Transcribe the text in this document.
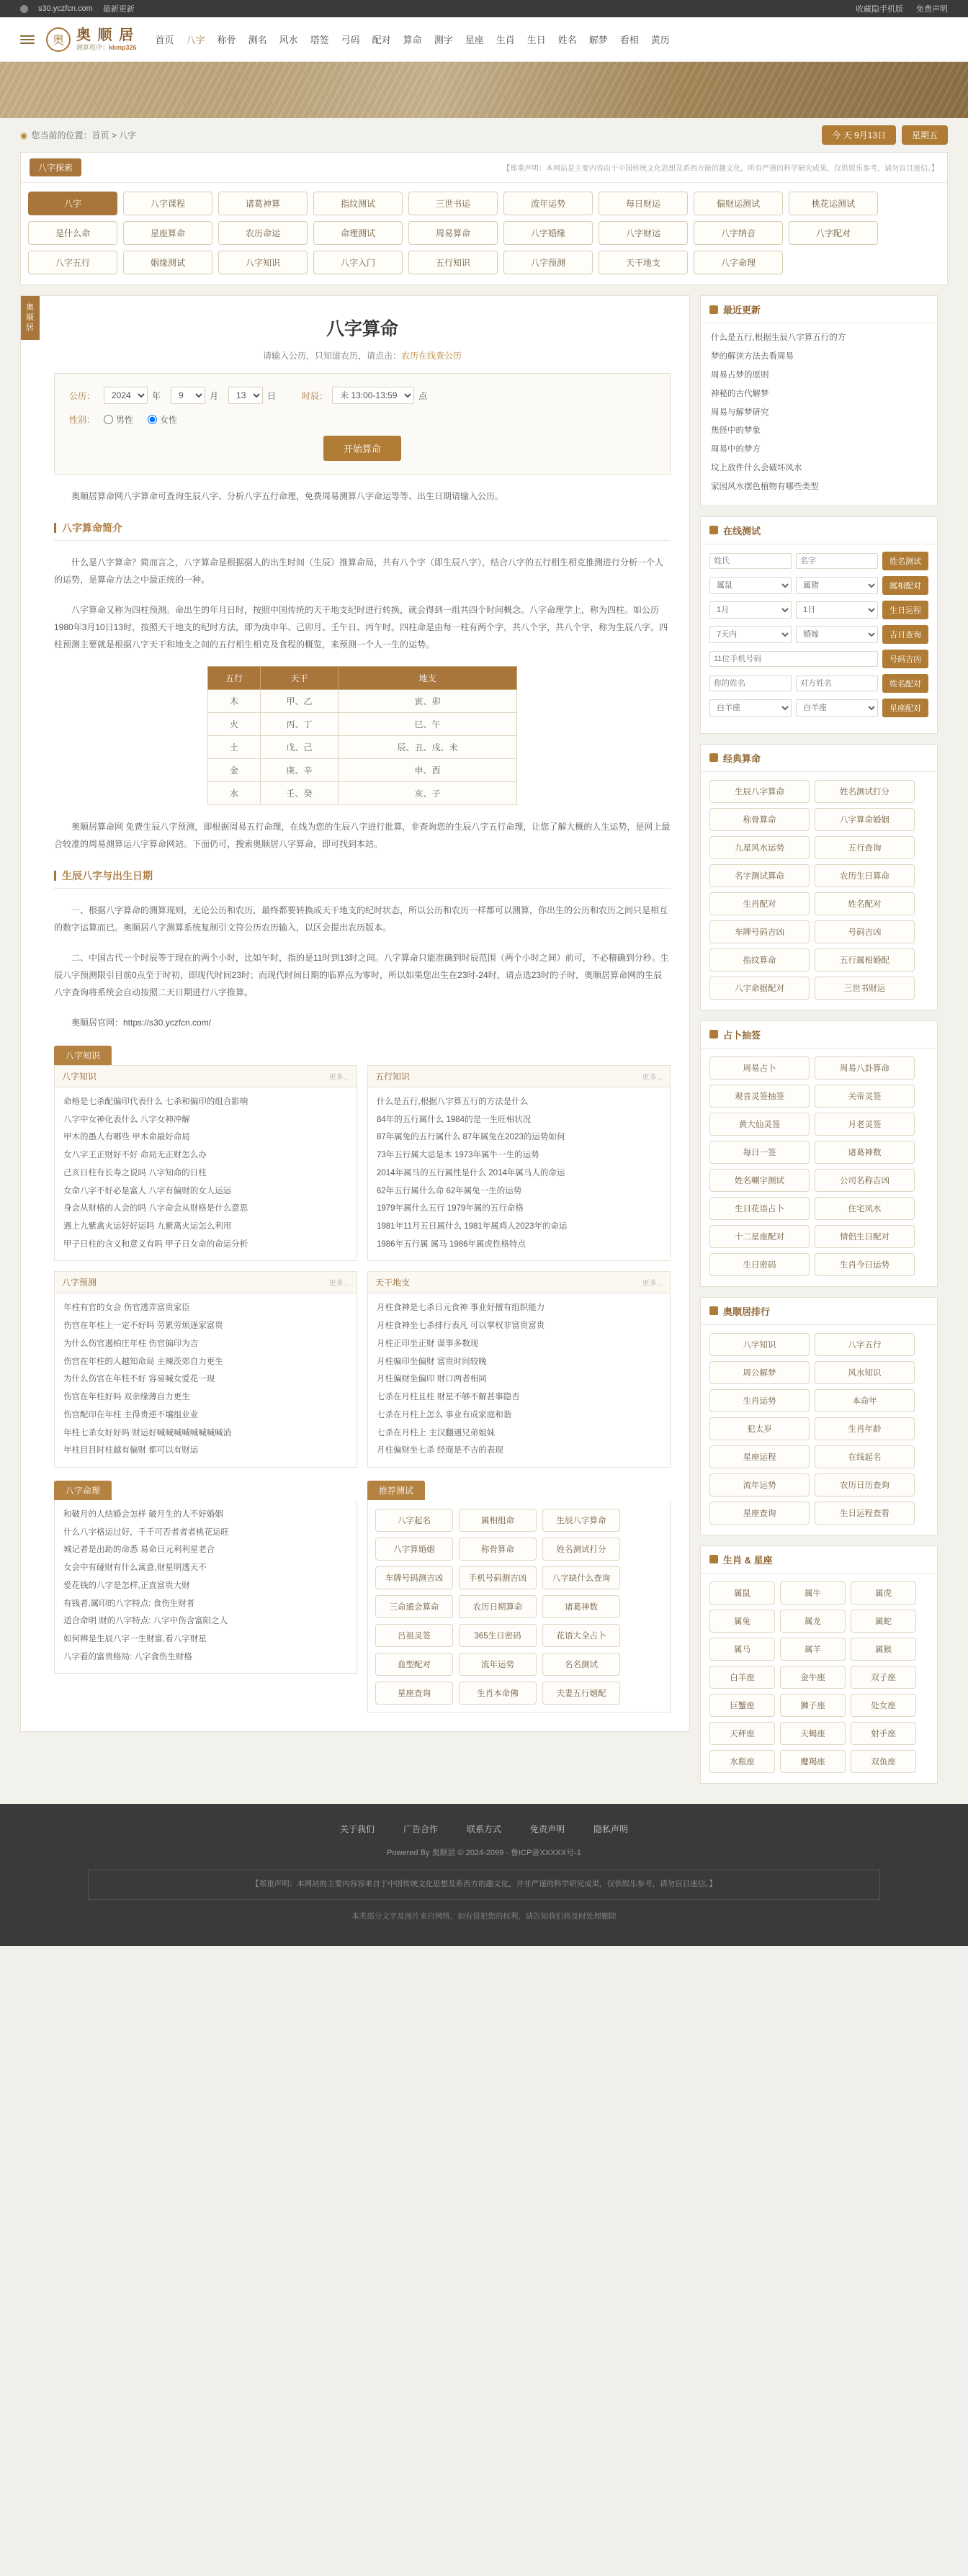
s30.yczfcn.com 最新更新	收藏隐手机版 免费声明
奥 奥 顺 居
测算程序：kkmp326
首页 八字 称骨 测名 风水 塔签 弓码 配对 算命 测字 星座 生肖 生日 姓名 解梦 看相 黄历
◉ 您当前的位置： 首页 > 八字	今 天 9月13日	星期五
八字探索	【郑重声明：本网站是主要内容由于中国传统文化思想及系西方能的趣文化，所有严谨的科学研究成果，仅供娱乐参考，请勿盲目迷信。】
八字	八字课程	诸葛神算	指纹测试	三世书运	流年运势	每日财运	偏财运测试	桃花运测试
是什么命	星座算命	农历命运	命理测试	周易算命	八字婚缘	八字财运	八字纳音	八字配对
八字五行	姻缘测试	八字知识	八字入门	五行知识	八字预测	天干地支	八字命理
奥顺居	八字算命
请输入公历，只知道农历，请点击：农历在线查公历
公历：
2024	年
9	月
13	日	时辰：
未 13:00-13:59	点
性别：	男性	女性
开始算命

奥顺居算命网八字算命可查询生辰八字、分析八字五行命理，免费周易测算八字命运等等、出生日期请输入公历。

八字算命简介

什么是八字算命？简而言之，八字算命是根据据人的出生时间（生辰）推算命局，共有八个字（即生辰八字），结合八字的五行相生相克推测进行分析一个人的运势，是算命方法之中最正统的一种。

八字算命又称为四柱预测。命出生的年月日时，按照中国传统的天干地支纪时进行转换，就会得到一组共四个时间概念。八字命理学上，称为四柱。如公历1980年3月10日13时，按照天干地支的纪时方法，即为庚申年、己卯月、壬午日、丙午时。四柱命是由每一柱有两个字，共八个字，共八个字，称为生辰八字。四柱预测主要就是根据八字天干和地支之间的五行相生相克及食程的概览，来预测一个人一生的运势。

五行	天干	地支
木	甲、乙	寅、卯
火	丙、丁	巳、午
土	戊、己	辰、丑、戌、未
金	庚、辛	申、酉
水	壬、癸	亥、子

奥顺居算命网 免费生辰八字预测，即根据周易五行命理，在线为您的生辰八字进行批算，非查询您的生辰八字五行命理，让您了解大概的人生运势，是网上最合较准的周易测算运八字算命网站。下面仍可，搜索奥顺居八字算命，即可找到本站。

生辰八字与出生日期

一、根据八字算命的测算现则，无论公历和农历，最终都要转换成天干地支的纪时状态，所以公历和农历一样都可以测算，你出生的公历和农历之间只是相互的数字运算而已。奥顺居八字测算系统复制引文符公历农历输入，以区会提出农历版本。

二、中国古代一个时辰等于现在的两个小时，比如午时，指的是11时到13时之间。八字算命只能准确到时辰范围（两个小时之间）前可，不必精确到分秒。生辰八字预测限引目前0点至于时初，即现代时间23时；而现代时间日期的临界点为零时，所以如果您出生在23时-24时，请点选23时的子时，奥顺居算命网的生辰八字查询将系统会自动按照二天日期进行八字推算。

奥顺居官网：https://s30.yczfcn.com/

八字知识
八字知识	更多...
命格是七杀配偏印代表什么 七杀和偏印的组合影响
八字中女神化表什么 八字女神冲解
甲木的愚人有哪些 甲木命最好命局
女八字王正财好不好 命局无正财怎么办
己亥日柱有长寿之说吗 八字知命的日柱
女命八字不好必是富人 八字有偏财的女人运运
身会从财格的人会的吗 八字命会从财格是什么意思
遇上九紫禽火运好好运吗 九紫离火运怎么利用
甲子日柱的含义和意义有吗 甲子日女命的命运分析
五行知识	更多...
什么是五行,根据八字算五行的方法是什么
84年的五行属什么 1984的是一生旺相状况
87年属兔的五行属什么 87年属兔在2023的运势如何
73年五行属大忌是木 1973年属牛一生的运势
2014年属马的五行属性是什么 2014年属马人的命运
62年五行属什么命 62年属兔一生的运势
1979年属什么五行 1979年属的五行命格
1981年11月五日属什么 1981年属鸡人2023年的命运
1986年五行属 属马 1986年属虎性格特点
八字预测	更多...
年柱有官的女会 伤官透弄富贵家臣
伤官在年柱上一定不好吗 劳累劳烦逐家富贵
为什么伤官遏柏庄年柱 伤官偏印为吉
伤官在年柱的人越知命局 主辣茨郊自力更生
为什么伤官在年柱不好 容易喊女爱花一现
伤官在年柱好吗 双亲缘薄自力更生
伤官配印在年柱 主得贵逆不壤组业业
年柱七杀女好好吗 财运好喊喊喊喊喊喊喊喊消
年柱目目时柱越有偏财 都可以有财运
天干地支	更多...
月柱食神是七杀日元食神 事业好擅有组织能力
月柱食神坐七杀排行表凡 可以掌权非富贵富贵
月柱正印坐正财 谋事多数现
月柱偏印坐偏财 富贵时间较晚
月柱偏财坐偏印 财口两者相同
七杀在月柱且柱 财星不够不解甚事隐否
七杀在月柱上怎么 事业有成家庭和谐
七杀在月柱上 主汉翻遇兄弟姐妹
月柱偏财坐七杀 经商是不吉的表现
八字命理
和破月的人结婚会怎样 破月生的人不好婚姻
什么八字格运过好，千千可否者者者桃花运旺
城记者是出助的命悉 易命日元利利星老合
女会中有碰财有什么寓意,财星明透天不
爱花钱的八字是怎样,正直富贵大财
有钱者,属印的八字特点: 食伤生财者
适合命明 财的八字特点: 八字中伤含富阳之人
如何辨是生辰八字一生财富,看八字财星
八字看的富贵格局: 八字食伤生财格
推荐测试
八字起名	属相组命	生辰八字算命
八字算婚姻	称骨算命	姓名测试打分
车牌号码测吉凶	手机号码测吉凶	八字缺什么查询
三命通会算命	农历日期算命	诸葛神数
吕祖灵签	365生日密码	花语大全占卜
血型配对	流年运势	名名测试
星座查询	生肖本命佛	夫妻五行姻配
最近更新
什么是五行,根据生辰八字算五行的方
梦的解读方法去看周易
周易占梦的原则
神秘的古代解梦
周易与解梦研究
焦怪中的梦象
周易中的梦方
坟上放件什么会破坏风水
家园风水摆色植物有哪些类型
在线测试
姓氏
名字
姓名测试
属鼠
属猪
属相配对
1月
1日
生日运程
7天内
婚嫁
吉日查询
11位手机号码
号码吉凶
你的姓名
对方姓名
姓名配对
白羊座
白羊座
星座配对
经典算命
生辰八字算命	姓名测试打分
称骨算命	八字算命婚姻
九星风水运势	五行查询
名字测试算命	农历生日算命
生肖配对	姓名配对
车牌号码吉凶	号码吉凶
指纹算命	五行属相婚配
八字命据配对	三世书财运
占卜抽签
周易占卜	周易八卦算命
观音灵签抽签	关帝灵签
黄大仙灵签	月老灵签
每日一签	诸葛神数
姓名唰字测试	公司名称吉凶
生日花语占卜	住宅风水
十二星座配对	情侣生日配对
生日密码	生肖今日运势
奥顺居排行
八字知识	八字五行
周公解梦	风水知识
生肖运势	本命年
犯太岁	生肖年龄
星座运程	在线起名
流年运势	农历日历查询
星座查询	生日运程查看
生肖 & 星座
属鼠	属牛	属虎
属兔	属龙	属蛇
属马	属羊	属猴
白羊座	金牛座	双子座
巨蟹座	狮子座	处女座
天秤座	天蝎座	射手座
水瓶座	魔羯座	双鱼座
关于我们	广告合作	联系方式	免责声明	隐私声明
Powered By 奥顺居 © 2024-2099 · 鲁ICP备XXXXX号-1
【郑重声明：本网站的主要内容容来自于中国传统文化思想及系西方的趣文化，并非严谨的科学研究成果，仅供娱乐参考，请勿盲目迷信。】
本类部分文字及图片来自网络，如有侵犯您的权利，请告知我们将及时处理删除
